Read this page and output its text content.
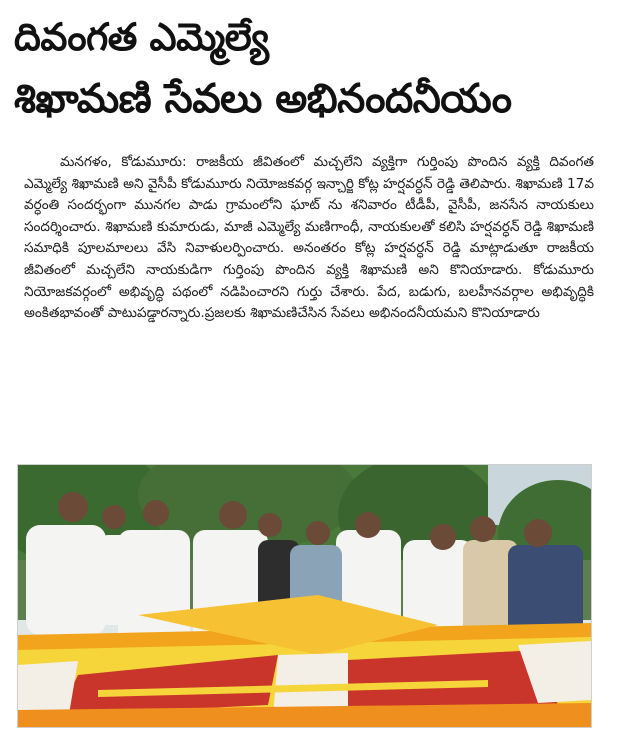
దివంగత ఎమ్మెల్యే
శిఖామణి సేవలు అభినందనీయం
మనగళం, కోడుమూరు: రాజకీయ జీవితంలో మచ్చలేని వ్యక్తిగా గుర్తింపు పొందిన వ్యక్తి దివంగత ఎమ్మెల్యే శిఖామణి అని వైసీపీ కోడుమూరు నియోజకవర్గ ఇన్చార్జి కోట్ల హర్షవర్ధన్ రెడ్డి తెలిపారు. శిఖామణి 17వ వర్ధంతి సందర్భంగా మునగల పాడు గ్రామంలోని ఘాట్ ను శనివారం టీడీపీ, వైసీపీ, జనసేన నాయకులు సందర్శించారు. శిఖామణి కుమారుడు, మాజీ ఎమ్మెల్యే మణిగాంధీ, నాయకులతో కలిసి హర్షవర్ధన్ రెడ్డి శిఖామణి సమాధికి పూలమాలలు వేసి నివాళులర్పించారు. అనంతరం కోట్ల హర్షవర్ధన్ రెడ్డి మాట్లాడుతూ రాజకీయ జీవితంలో మచ్చలేని నాయకుడిగా గుర్తింపు పొందిన వ్యక్తి శిఖామణి అని కొనియాడారు. కోడుమూరు నియోజకవర్గంలో అభివృద్ధి పథంలో నడిపించారని గుర్తు చేశారు. పేద, బడుగు, బలహీనవర్గాల అభివృద్ధికి అంకితభావంతో పాటుపడ్డారన్నారు.ప్రజలకు శిఖామణిచేసిన సేవలు అభినందనీయమని కొనియాడారు
